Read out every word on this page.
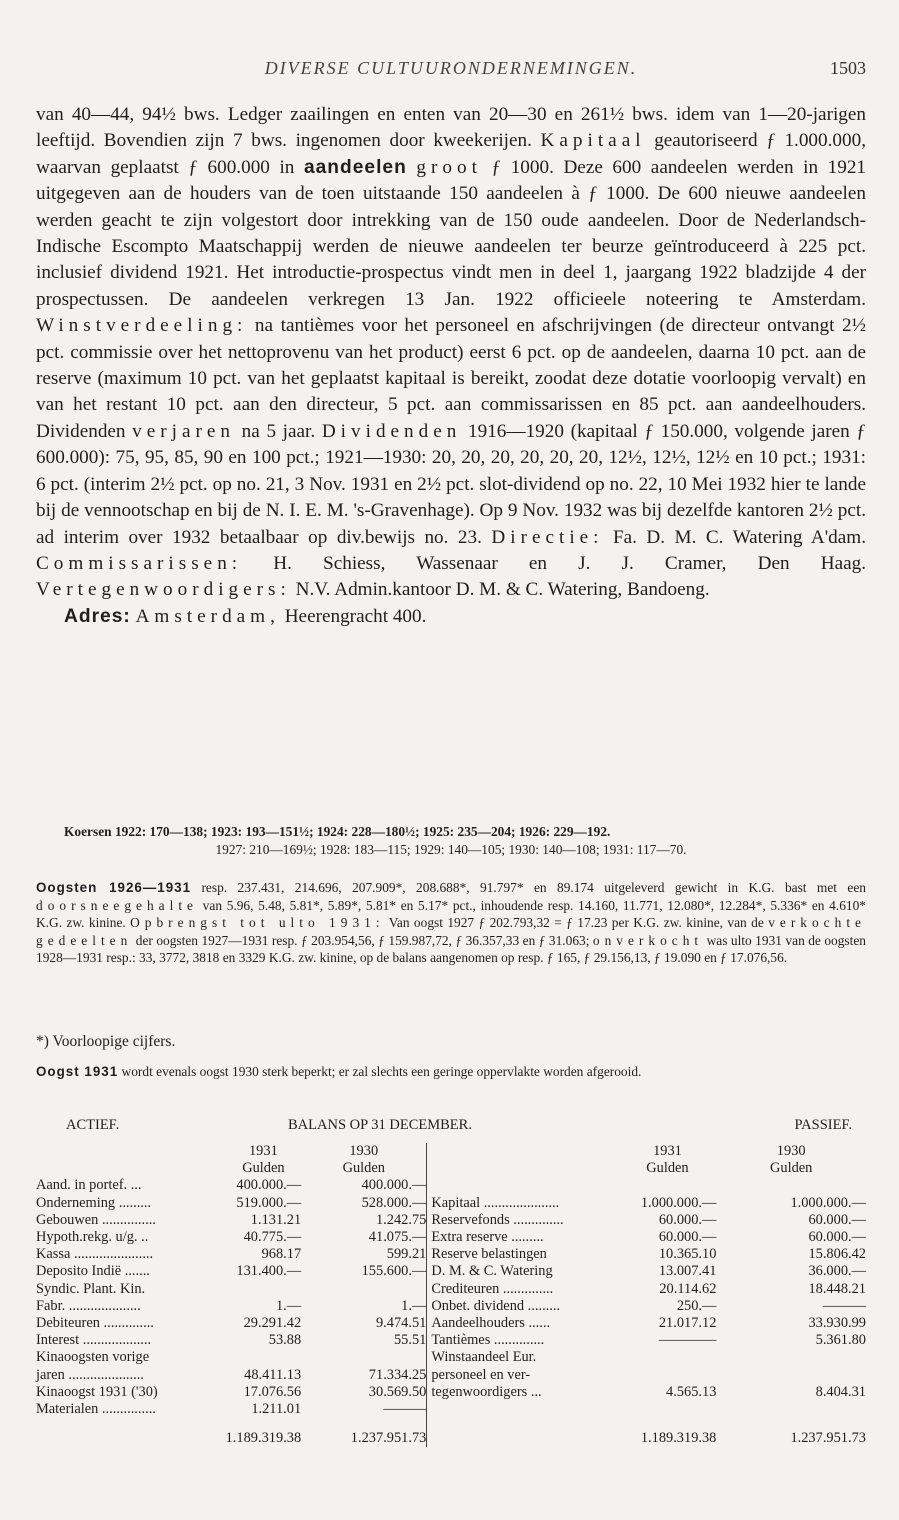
DIVERSE CULTUURONDERNEMINGEN.	1503

van 40—44, 94½ bws. Ledger zaailingen en enten van 20—30 en 261½ bws. idem van 1—20-jarigen leeftijd. Bovendien zijn 7 bws. ingenomen door kweekerijen. Kapitaal geautoriseerd ƒ 1.000.000, waarvan geplaatst ƒ 600.000 in aandeelen groot ƒ 1000. Deze 600 aandeelen werden in 1921 uitgegeven aan de houders van de toen uitstaande 150 aandeelen à ƒ 1000. De 600 nieuwe aandeelen werden geacht te zijn volgestort door intrekking van de 150 oude aandeelen. Door de Nederlandsch-Indische Escompto Maatschappij werden de nieuwe aandeelen ter beurze geïntroduceerd à 225 pct. inclusief dividend 1921. Het introductie-prospectus vindt men in deel 1, jaargang 1922 bladzijde 4 der prospectussen. De aandeelen verkregen 13 Jan. 1922 officieele noteering te Amsterdam. Winstverdeeling: na tantièmes voor het personeel en afschrijvingen (de directeur ontvangt 2½ pct. commissie over het nettoprovenu van het product) eerst 6 pct. op de aandeelen, daarna 10 pct. aan de reserve (maximum 10 pct. van het geplaatst kapitaal is bereikt, zoodat deze dotatie voorloopig vervalt) en van het restant 10 pct. aan den directeur, 5 pct. aan commissarissen en 85 pct. aan aandeelhouders. Dividenden verjaren na 5 jaar. Dividenden 1916—1920 (kapitaal ƒ 150.000, volgende jaren ƒ 600.000): 75, 95, 85, 90 en 100 pct.; 1921—1930: 20, 20, 20, 20, 20, 20, 12½, 12½, 12½ en 10 pct.; 1931: 6 pct. (interim 2½ pct. op no. 21, 3 Nov. 1931 en 2½ pct. slot-dividend op no. 22, 10 Mei 1932 hier te lande bij de vennootschap en bij de N. I. E. M. 's-Gravenhage). Op 9 Nov. 1932 was bij dezelfde kantoren 2½ pct. ad interim over 1932 betaalbaar op div.bewijs no. 23. Directie: Fa. D. M. C. Watering A'dam. Commissarissen: H. Schiess, Wassenaar en J. J. Cramer, Den Haag. Vertegenwoordigers: N.V. Admin.kantoor D. M. & C. Watering, Bandoeng.

Adres: Amsterdam, Heerengracht 400.

Koersen 1922: 170—138; 1923: 193—151½; 1924: 228—180½; 1925: 235—204; 1926: 229—192.
1927: 210—169½; 1928: 183—115; 1929: 140—105; 1930: 140—108; 1931: 117—70.
Oogsten 1926—1931 resp. 237.431, 214.696, 207.909*, 208.688*, 91.797* en 89.174 uitgeleverd gewicht in K.G. bast met een doorsneegehalte van 5.96, 5.48, 5.81*, 5.89*, 5.81* en 5.17* pct., inhoudende resp. 14.160, 11.771, 12.080*, 12.284*, 5.336* en 4.610* K.G. zw. kinine. Opbrengst tot ulto 1931: Van oogst 1927 ƒ 202.793,32 = ƒ 17.23 per K.G. zw. kinine, van de verkochte gedeelten der oogsten 1927—1931 resp. ƒ 203.954,56, ƒ 159.987,72, ƒ 36.357,33 en ƒ 31.063; onverkocht was ulto 1931 van de oogsten 1928—1931 resp.: 33, 3772, 3818 en 3329 K.G. zw. kinine, op de balans aangenomen op resp. ƒ 165, ƒ 29.156,13, ƒ 19.090 en ƒ 17.076,56.
*) Voorloopige cijfers.
Oogst 1931 wordt evenals oogst 1930 sterk beperkt; er zal slechts een geringe oppervlakte worden afgerooid.
ACTIEF.	BALANS OP 31 DECEMBER.	PASSIEF.
	1931	1930		1931	1930
	Gulden	Gulden		Gulden	Gulden
Aand. in portef. ...	400.000.—	400.000.—			
Onderneming .........	519.000.—	528.000.—	Kapitaal .....................	1.000.000.—	1.000.000.—
Gebouwen ...............	1.131.21	1.242.75	Reservefonds ..............	60.000.—	60.000.—
Hypoth.rekg. u/g. ..	40.775.—	41.075.—	Extra reserve .........	60.000.—	60.000.—
Kassa ......................	968.17	599.21	Reserve belastingen	10.365.10	15.806.42
Deposito Indië .......	131.400.—	155.600.—	D. M. & C. Watering	13.007.41	36.000.—
Syndic. Plant. Kin.			Crediteuren ..............	20.114.62	18.448.21
Fabr. ....................	1.—	1.—	Onbet. dividend .........	250.—	———
Debiteuren ..............	29.291.42	9.474.51	Aandeelhouders ......	21.017.12	33.930.99
Interest ...................	53.88	55.51	Tantièmes ..............	————	5.361.80
Kinaoogsten vorige			Winstaandeel Eur.		
jaren .....................	48.411.13	71.334.25	personeel en ver-		
Kinaoogst 1931 ('30)	17.076.56	30.569.50	tegenwoordigers ...	4.565.13	8.404.31
Materialen ...............	1.211.01	———			
	1.189.319.38	1.237.951.73		1.189.319.38	1.237.951.73
